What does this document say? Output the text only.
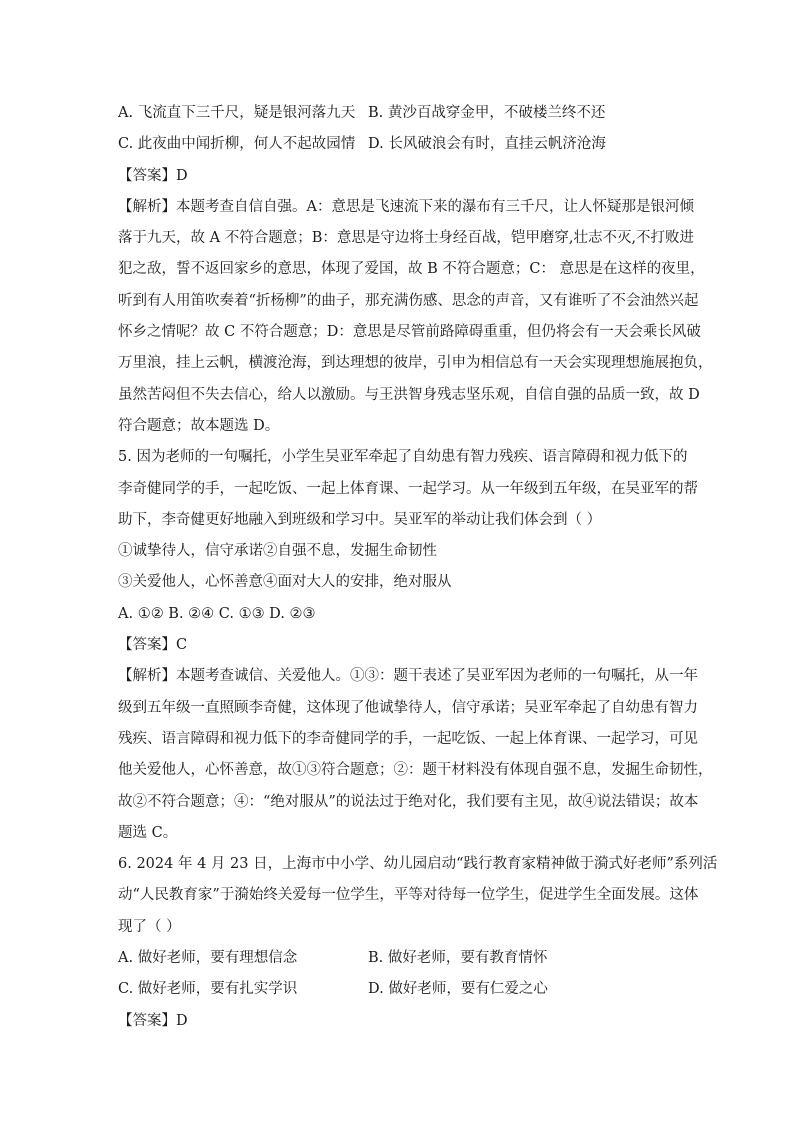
A. 飞流直下三千尺，疑是银河落九天 B. 黄沙百战穿金甲，不破楼兰终不还
C. 此夜曲中闻折柳，何人不起故园情 D. 长风破浪会有时，直挂云帆济沧海
【答案】D
【解析】本题考查自信自强。A：意思是飞速流下来的瀑布有三千尺，让人怀疑那是银河倾
落于九天，故 A 不符合题意；B：意思是守边将士身经百战，铠甲磨穿,壮志不灭,不打败进
犯之敌，誓不返回家乡的意思，体现了爱国，故 B 不符合题意；C： 意思是在这样的夜里，
听到有人用笛吹奏着“折杨柳”的曲子，那充满伤感、思念的声音，又有谁听了不会油然兴起
怀乡之情呢？故 C 不符合题意；D：意思是尽管前路障碍重重，但仍将会有一天会乘长风破
万里浪，挂上云帆，横渡沧海，到达理想的彼岸，引申为相信总有一天会实现理想施展抱负，
虽然苦闷但不失去信心，给人以激励。与王洪智身残志坚乐观，自信自强的品质一致，故 D
符合题意；故本题选 D。
5. 因为老师的一句嘱托，小学生吴亚军牵起了自幼患有智力残疾、语言障碍和视力低下的
李奇健同学的手，一起吃饭、一起上体育课、一起学习。从一年级到五年级，在吴亚军的帮
助下，李奇健更好地融入到班级和学习中。吴亚军的举动让我们体会到（ ）
①诚挚待人，信守承诺②自强不息，发掘生命韧性
③关爱他人，心怀善意④面对大人的安排，绝对服从
A. ①② B. ②④ C. ①③ D. ②③
【答案】C
【解析】本题考查诚信、关爱他人。①③：题干表述了吴亚军因为老师的一句嘱托，从一年
级到五年级一直照顾李奇健，这体现了他诚挚待人，信守承诺；吴亚军牵起了自幼患有智力
残疾、语言障碍和视力低下的李奇健同学的手，一起吃饭、一起上体育课、一起学习，可见
他关爱他人，心怀善意，故①③符合题意；②：题干材料没有体现自强不息，发掘生命韧性，
故②不符合题意；④：“绝对服从”的说法过于绝对化，我们要有主见，故④说法错误；故本
题选 C。
6. 2024 年 4 月 23 日，上海市中小学、幼儿园启动“践行教育家精神做于漪式好老师”系列活
动“人民教育家”于漪始终关爱每一位学生，平等对待每一位学生，促进学生全面发展。这体
现了（ ）
A. 做好老师，要有理想信念	B. 做好老师，要有教育情怀
C. 做好老师，要有扎实学识	D. 做好老师，要有仁爱之心
【答案】D
